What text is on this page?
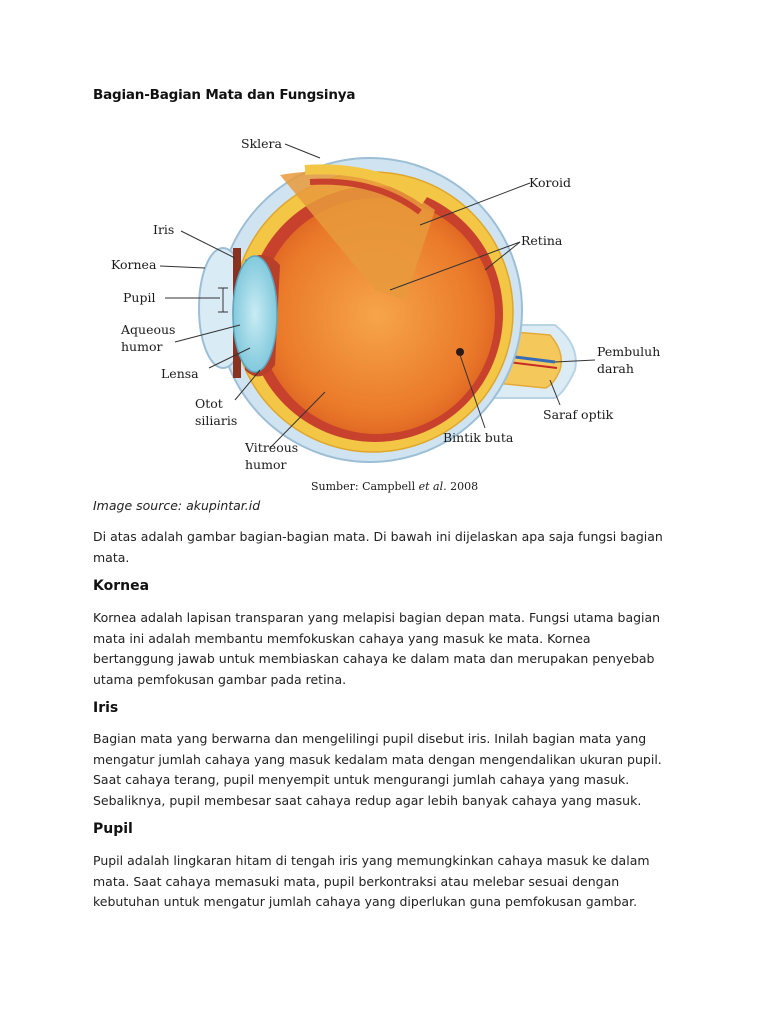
Bagian-Bagian Mata dan Fungsinya
Sklera
Koroid
Iris
Retina
Kornea
Pupil
Aqueous
humor	Pembuluh
darah
Lensa
Otot
siliaris	Saraf optik
Bintik buta
Vitreous
humor
Sumber: Campbell et al. 2008

Image source: akupintar.id

Di atas adalah gambar bagian-bagian mata. Di bawah ini dijelaskan apa saja fungsi bagian mata.

Kornea

Kornea adalah lapisan transparan yang melapisi bagian depan mata. Fungsi utama bagian mata ini adalah membantu memfokuskan cahaya yang masuk ke mata. Kornea bertanggung jawab untuk membiaskan cahaya ke dalam mata dan merupakan penyebab utama pemfokusan gambar pada retina.

Iris

Bagian mata yang berwarna dan mengelilingi pupil disebut iris. Inilah bagian mata yang mengatur jumlah cahaya yang masuk kedalam mata dengan mengendalikan ukuran pupil. Saat cahaya terang, pupil menyempit untuk mengurangi jumlah cahaya yang masuk. Sebaliknya, pupil membesar saat cahaya redup agar lebih banyak cahaya yang masuk.

Pupil

Pupil adalah lingkaran hitam di tengah iris yang memungkinkan cahaya masuk ke dalam mata. Saat cahaya memasuki mata, pupil berkontraksi atau melebar sesuai dengan kebutuhan untuk mengatur jumlah cahaya yang diperlukan guna pemfokusan gambar.
